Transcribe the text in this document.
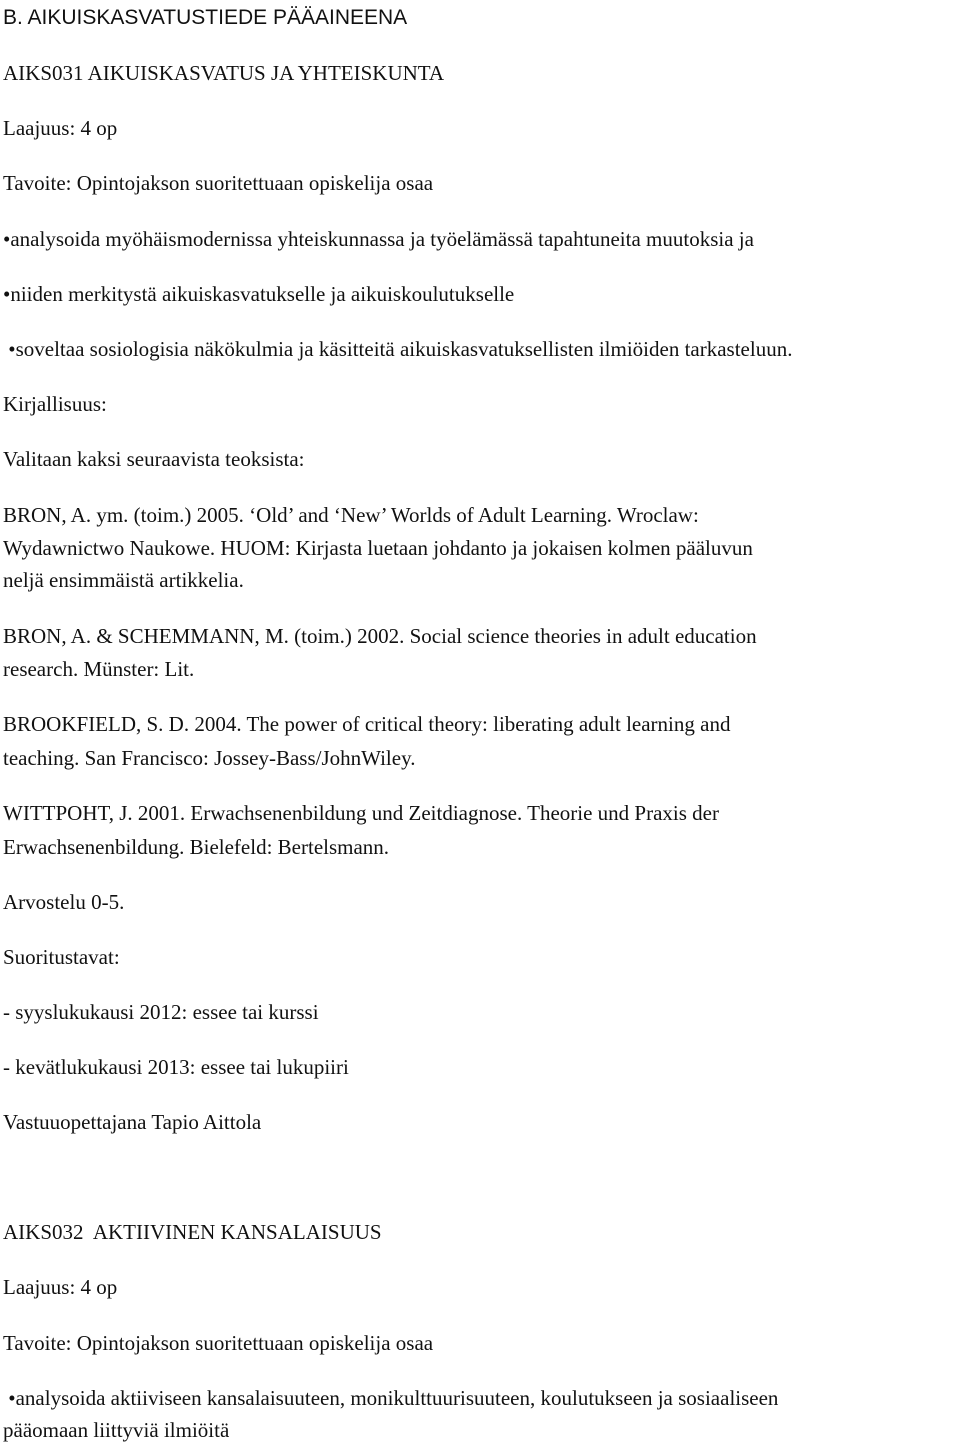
B. AIKUISKASVATUSTIEDE PÄÄAINEENA
AIKS031 AIKUISKASVATUS JA YHTEISKUNTA
Laajuus: 4 op
Tavoite: Opintojakson suoritettuaan opiskelija osaa
•analysoida myöhäismodernissa yhteiskunnassa ja työelämässä tapahtuneita muutoksia ja
•niiden merkitystä aikuiskasvatukselle ja aikuiskoulutukselle
•soveltaa sosiologisia näkökulmia ja käsitteitä aikuiskasvatuksellisten ilmiöiden tarkasteluun.
Kirjallisuus:
Valitaan kaksi seuraavista teoksista:
BRON, A. ym. (toim.) 2005. ‘Old’ and ‘New’ Worlds of Adult Learning. Wroclaw:
Wydawnictwo Naukowe. HUOM: Kirjasta luetaan johdanto ja jokaisen kolmen pääluvun
neljä ensimmäistä artikkelia.
BRON, A. & SCHEMMANN, M. (toim.) 2002. Social science theories in adult education
research. Münster: Lit.
BROOKFIELD, S. D. 2004. The power of critical theory: liberating adult learning and
teaching. San Francisco: Jossey-Bass/JohnWiley.
WITTPOHT, J. 2001. Erwachsenenbildung und Zeitdiagnose. Theorie und Praxis der
Erwachsenenbildung. Bielefeld: Bertelsmann.
Arvostelu 0-5.
Suoritustavat:
- syyslukukausi 2012: essee tai kurssi
- kevätlukukausi 2013: essee tai lukupiiri
Vastuuopettajana Tapio Aittola
AIKS032  AKTIIVINEN KANSALAISUUS
Laajuus: 4 op
Tavoite: Opintojakson suoritettuaan opiskelija osaa
•analysoida aktiiviseen kansalaisuuteen, monikulttuurisuuteen, koulutukseen ja sosiaaliseen
pääomaan liittyviä ilmiöitä
